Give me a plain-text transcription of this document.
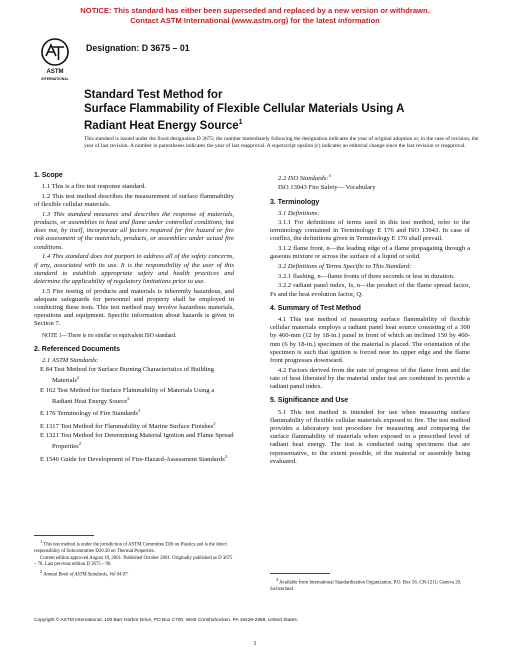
NOTICE: This standard has either been superseded and replaced by a new version or withdrawn.
Contact ASTM International (www.astm.org) for the latest information
ASTM
INTERNATIONAL
Designation: D 3675 – 01
Standard Test Method for
Surface Flammability of Flexible Cellular Materials Using A
Radiant Heat Energy Source$^1$
This standard is issued under the fixed designation D 3675; the number immediately following the designation indicates the year of original adoption or, in the case of revision, the year of last revision. A number in parentheses indicates the year of last reapproval. A superscript epsilon (ε) indicates an editorial change since the last revision or reapproval.
1. Scope
1.1 This is a fire test response standard.
1.2 This test method describes the measurement of surface flammability of flexible cellular materials.
1.3 This standard measures and describes the response of materials, products, or assemblies to heat and flame under controlled conditions, but does not, by itself, incorporate all factors required for fire hazard or fire risk assessment of the materials, products, or assemblies under actual fire conditions.
1.4 This standard does not purport to address all of the safety concerns, if any, associated with its use. It is the responsibility of the user of this standard to establish appropriate safety and health practices and determine the applicability of regulatory limitations prior to use.
1.5 Fire testing of products and materials is inherently hazardous, and adequate safeguards for personnel and property shall be employed in conducting these tests. This test method may involve hazardous materials, operations and equipment. Specific information about hazards is given in Section 7.
NOTE 1—There is no similar or equivalent ISO standard.
2. Referenced Documents
2.1 ASTM Standards:
E 84 Test Method for Surface Burning Characteristics of Building Materials$^2$
E 162 Test Method for Surface Flammability of Materials Using a Radiant Heat Energy Source$^2$
E 176 Terminology of Fire Standards$^2$
E 1317 Test Method for Flammability of Marine Surface Finishes$^2$
E 1321 Test Method for Determining Material Ignition and Flame Spread Properties$^2$
E 1546 Guide for Development of Fire-Hazard-Assessment Standards$^2$
$^1$ This test method is under the jurisdiction of ASTM Committee D20 on Plastics and is the direct responsibility of Subcommittee D20.30 on Thermal Properties.
Current edition approved August 10, 2001. Published October 2001. Originally published as D 3675 – 78. Last previous edition D 3675 – 98.
$^2$ Annual Book of ASTM Standards, Vol 04.07.
2.2 ISO Standards:$^3$
ISO 13943 Fire Safety— Vocabulary
3. Terminology
3.1 Definitions:
3.1.1 For definitions of terms used in this test method, refer to the terminology contained in Terminology E 176 and ISO 13943. In case of conflict, the definitions given in Terminology E 176 shall prevail.
3.1.2 flame front, n—the leading edge of a flame propagating through a gaseous mixture or across the surface of a liquid or solid.
3.2 Definitions of Terms Specific to This Standard:
3.2.1 flashing, n—flame fronts of three seconds or less in duration.
3.2.2 radiant panel index, Is, n—the product of the flame spread factor, Fs and the heat evolution factor, Q.
4. Summary of Test Method
4.1 This test method of measuring surface flammability of flexible cellular materials employs a radiant panel heat source consisting of a 300 by 460-mm (12 by 18-in.) panel in front of which an inclined 150 by 460-mm (6 by 18-in.) specimen of the material is placed. The orientation of the specimen is such that ignition is forced near its upper edge and the flame front progresses downward.
4.2 Factors derived from the rate of progress of the flame front and the rate of heat liberated by the material under test are combined to provide a radiant panel index.
5. Significance and Use
5.1 This test method is intended for use when measuring surface flammability of flexible cellular materials exposed to fire. The test method provides a laboratory test procedure for measuring and comparing the surface flammability of materials when exposed to a prescribed level of radiant heat energy. The test is conducted using specimens that are representative, to the extent possible, of the material or assembly being evaluated.
$^3$ Available from International Standardization Organization, P.O. Box 56, CH-1211; Geneva 20, Switzerland.
Copyright © ASTM International, 100 Barr Harbor Drive, PO Box C700, West Conshohocken, PA 19428-2959, United States.
1
